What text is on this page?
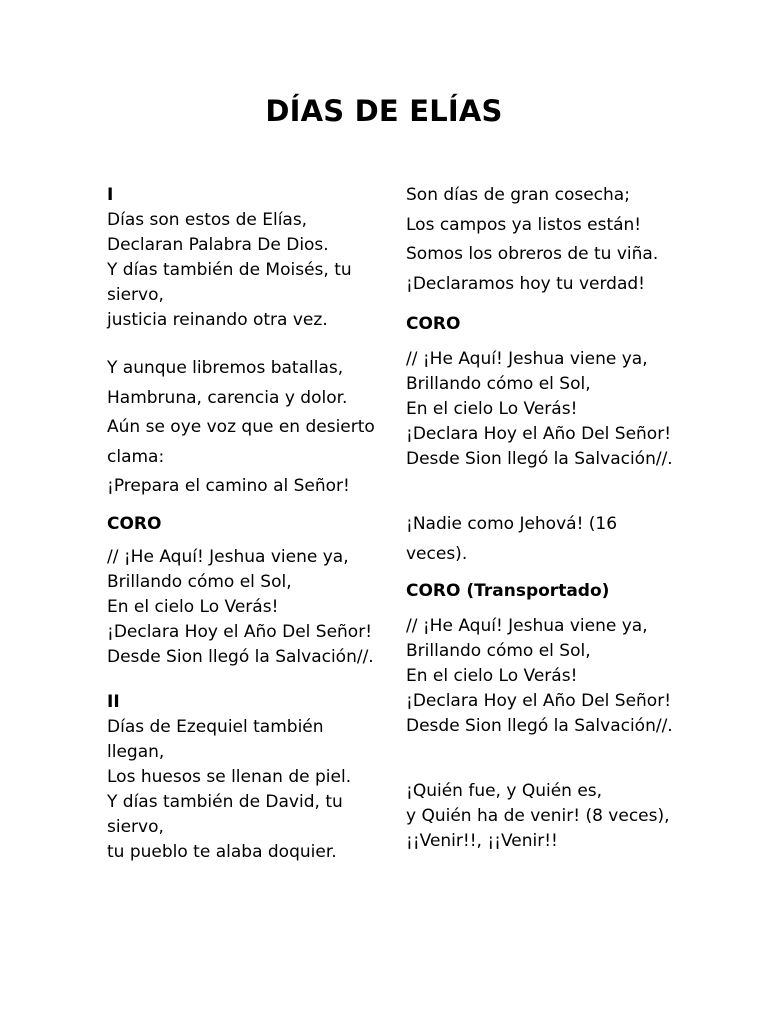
DÍAS DE ELÍAS
I
Días son estos de Elías,
Declaran Palabra De Dios.
Y días también de Moisés, tu
siervo,
justicia reinando otra vez.
Y aunque libremos batallas,
Hambruna, carencia y dolor.
Aún se oye voz que en desierto
clama:
¡Prepara el camino al Señor!
CORO
// ¡He Aquí! Jeshua viene ya,
Brillando cómo el Sol,
En el cielo Lo Verás!
¡Declara Hoy el Año Del Señor!
Desde Sion llegó la Salvación//.
II
Días de Ezequiel también
llegan,
Los huesos se llenan de piel.
Y días también de David, tu
siervo,
tu pueblo te alaba doquier.
Son días de gran cosecha;
Los campos ya listos están!
Somos los obreros de tu viña.
¡Declaramos hoy tu verdad!
CORO
// ¡He Aquí! Jeshua viene ya,
Brillando cómo el Sol,
En el cielo Lo Verás!
¡Declara Hoy el Año Del Señor!
Desde Sion llegó la Salvación//.
¡Nadie como Jehová! (16
veces).
CORO (Transportado)
// ¡He Aquí! Jeshua viene ya,
Brillando cómo el Sol,
En el cielo Lo Verás!
¡Declara Hoy el Año Del Señor!
Desde Sion llegó la Salvación//.
¡Quién fue, y Quién es,
y Quién ha de venir! (8 veces),
¡¡Venir!!, ¡¡Venir!!
